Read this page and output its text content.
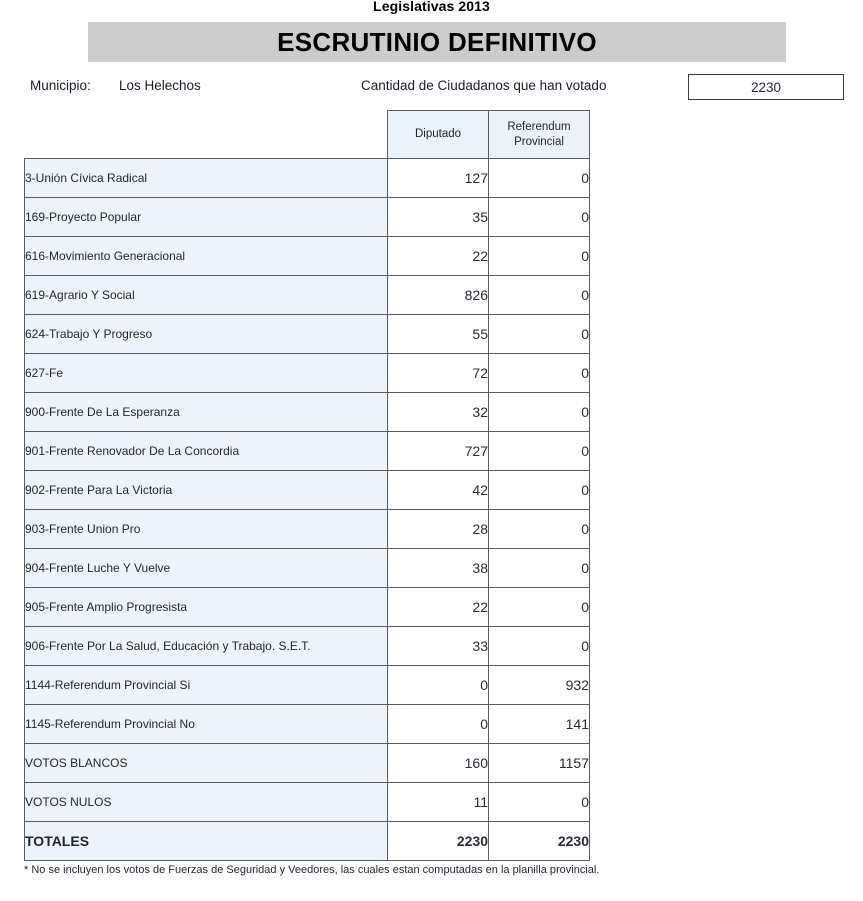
Legislativas 2013
ESCRUTINIO DEFINITIVO
Municipio: Los Helechos	Cantidad de Ciudadanos que han votado	2230
	Diputado	Referendum
Provincial
3-Unión Cívica Radical	127	0
169-Proyecto Popular	35	0
616-Movimiento Generacional	22	0
619-Agrario Y Social	826	0
624-Trabajo Y Progreso	55	0
627-Fe	72	0
900-Frente De La Esperanza	32	0
901-Frente Renovador De La Concordia	727	0
902-Frente Para La Victoria	42	0
903-Frente Union Pro	28	0
904-Frente Luche Y Vuelve	38	0
905-Frente Amplio Progresista	22	0
906-Frente Por La Salud, Educación y Trabajo. S.E.T.	33	0
1144-Referendum Provincial Si	0	932
1145-Referendum Provincial No	0	141
VOTOS BLANCOS	160	1157
VOTOS NULOS	11	0
TOTALES	2230	2230
* No se incluyen los votos de Fuerzas de Seguridad y Veedores, las cuales estan computadas en la planilla provincial.
